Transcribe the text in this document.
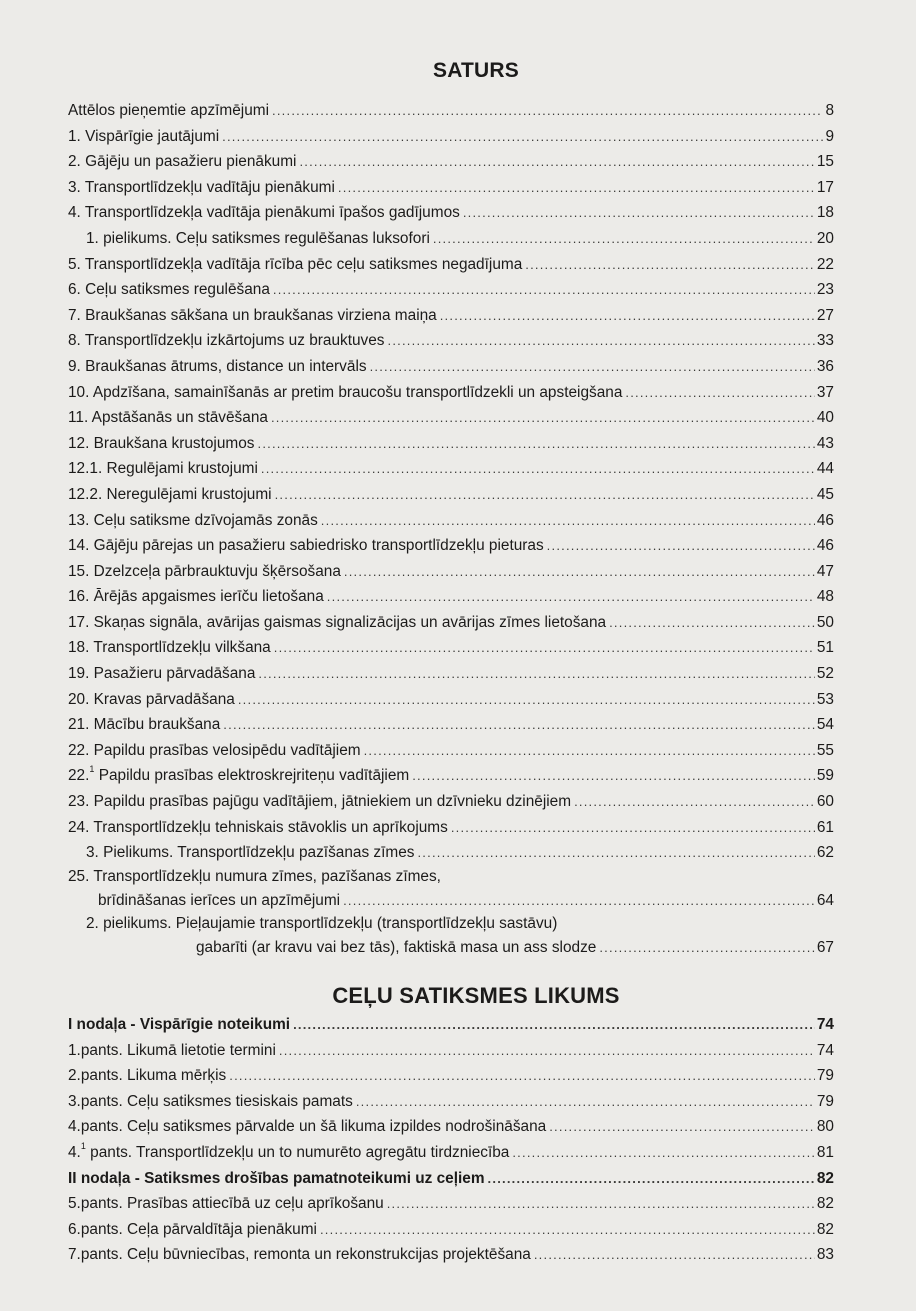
SATURS
Attēlos pieņemtie apzīmējumi . . .	8
1. Vispārīgie jautājumi . . .	9
2. Gājēju un pasažieru pienākumi . . .	15
3. Transportlīdzekļu vadītāju pienākumi . . .	17
4. Transportlīdzekļa vadītāja pienākumi īpašos gadījumos . . .	18
1. pielikums. Ceļu satiksmes regulēšanas luksofori . . .	20
5. Transportlīdzekļa vadītāja rīcība pēc ceļu satiksmes negadījuma . . .	22
6. Ceļu satiksmes regulēšana . . .	23
7. Braukšanas sākšana un braukšanas virziena maiņa . . .	27
8. Transportlīdzekļu izkārtojums uz brauktuves . . .	33
9. Braukšanas ātrums, distance un intervāls . . .	36
10. Apdzīšana, samainīšanās ar pretim braucošu transportlīdzekli un apsteigšana . . .	37
11. Apstāšanās un stāvēšana . . .	40
12. Braukšana krustojumos . . .	43
12.1. Regulējami krustojumi . . .	44
12.2. Neregulējami krustojumi . . .	45
13. Ceļu satiksme dzīvojamās zonās . . .	46
14. Gājēju pārejas un pasažieru sabiedrisko transportlīdzekļu pieturas . . .	46
15. Dzelzceļa pārbrauktuvju šķērsošana . . .	47
16. Ārējās apgaismes ierīču lietošana . . .	48
17. Skaņas signāla, avārijas gaismas signalizācijas un avārijas zīmes lietošana . . .	50
18. Transportlīdzekļu vilkšana . . .	51
19. Pasažieru pārvadāšana . . .	52
20. Kravas pārvadāšana . . .	53
21. Mācību braukšana . . .	54
22. Papildu prasības velosipēdu vadītājiem . . .	55
22.$^1$ Papildu prasības elektroskrejriteņu vadītājiem . . .	59
23. Papildu prasības pajūgu vadītājiem, jātniekiem un dzīvnieku dzinējiem . . .	60
24. Transportlīdzekļu tehniskais stāvoklis un aprīkojums . . .	61
3. Pielikums. Transportlīdzekļu pazīšanas zīmes . . .	62
25. Transportlīdzekļu numura zīmes, pazīšanas zīmes,
brīdināšanas ierīces un apzīmējumi . . .	64
2. pielikums. Pieļaujamie transportlīdzekļu (transportlīdzekļu sastāvu)
gabarīti (ar kravu vai bez tās), faktiskā masa un ass slodze . . .	67
CEĻU SATIKSMES LIKUMS
I nodaļa - Vispārīgie noteikumi . . .	74
1.pants. Likumā lietotie termini . . .	74
2.pants. Likuma mērķis . . .	79
3.pants. Ceļu satiksmes tiesiskais pamats . . .	79
4.pants. Ceļu satiksmes pārvalde un šā likuma izpildes nodrošināšana . . .	80
4.$^1$ pants. Transportlīdzekļu un to numurēto agregātu tirdzniecība . . .	81
II nodaļa - Satiksmes drošības pamatnoteikumi uz ceļiem . . .	82
5.pants. Prasības attiecībā uz ceļu aprīkošanu . . .	82
6.pants. Ceļa pārvaldītāja pienākumi . . .	82
7.pants. Ceļu būvniecības, remonta un rekonstrukcijas projektēšana . . .	83
